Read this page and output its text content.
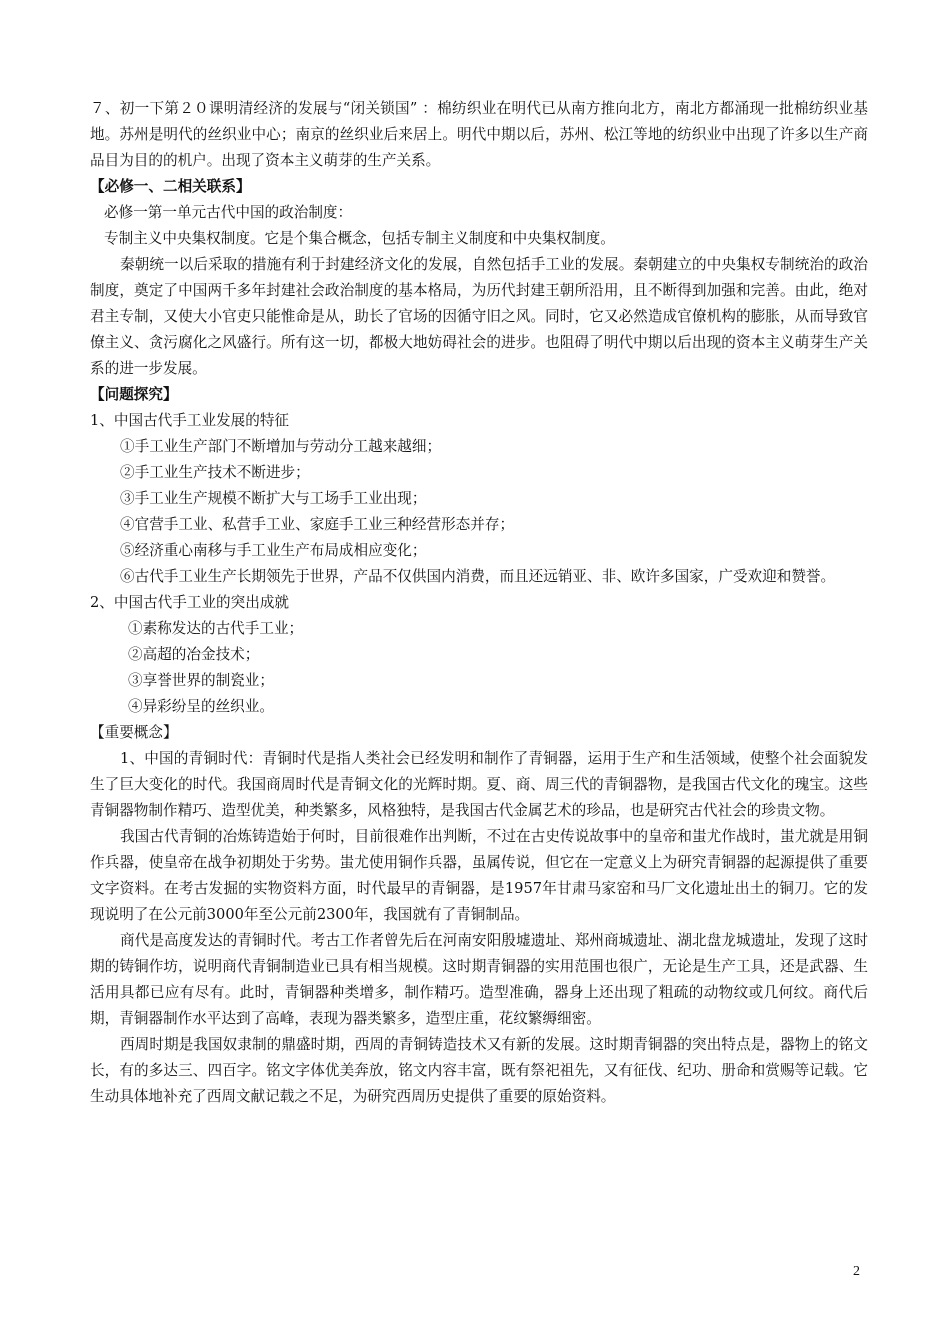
７、初一下第２０课明清经济的发展与“闭关锁国” ：棉纺织业在明代已从南方推向北方，南北方都涌现一批棉纺织业基地。苏州是明代的丝织业中心；南京的丝织业后来居上。明代中期以后，苏州、松江等地的纺织业中出现了许多以生产商品目为目的的机户。出现了资本主义萌芽的生产关系。

【必修一、二相关联系】

必修一第一单元古代中国的政治制度：

专制主义中央集权制度。它是个集合概念，包括专制主义制度和中央集权制度。

秦朝统一以后采取的措施有利于封建经济文化的发展，自然包括手工业的发展。秦朝建立的中央集权专制统治的政治制度，奠定了中国两千多年封建社会政治制度的基本格局，为历代封建王朝所沿用，且不断得到加强和完善。由此，绝对君主专制，又使大小官吏只能惟命是从，助长了官场的因循守旧之风。同时，它又必然造成官僚机构的膨胀，从而导致官僚主义、贪污腐化之风盛行。所有这一切，都极大地妨碍社会的进步。也阻碍了明代中期以后出现的资本主义萌芽生产关系的进一步发展。

【问题探究】

1、中国古代手工业发展的特征

①手工业生产部门不断增加与劳动分工越来越细；

②手工业生产技术不断进步；

③手工业生产规模不断扩大与工场手工业出现；

④官营手工业、私营手工业、家庭手工业三种经营形态并存；

⑤经济重心南移与手工业生产布局成相应变化；

⑥古代手工业生产长期领先于世界，产品不仅供国内消费，而且还远销亚、非、欧许多国家，广受欢迎和赞誉。

2、中国古代手工业的突出成就

①素称发达的古代手工业；

②高超的冶金技术；

③享誉世界的制瓷业；

④异彩纷呈的丝织业。

【重要概念】

1、中国的青铜时代：青铜时代是指人类社会已经发明和制作了青铜器，运用于生产和生活领域，使整个社会面貌发生了巨大变化的时代。我国商周时代是青铜文化的光辉时期。夏、商、周三代的青铜器物，是我国古代文化的瑰宝。这些青铜器物制作精巧、造型优美，种类繁多，风格独特，是我国古代金属艺术的珍品，也是研究古代社会的珍贵文物。

我国古代青铜的冶炼铸造始于何时，目前很难作出判断，不过在古史传说故事中的皇帝和蚩尤作战时，蚩尤就是用铜作兵器，使皇帝在战争初期处于劣势。蚩尤使用铜作兵器，虽属传说，但它在一定意义上为研究青铜器的起源提供了重要文字资料。在考古发掘的实物资料方面，时代最早的青铜器，是1957年甘肃马家窑和马厂文化遗址出土的铜刀。它的发现说明了在公元前3000年至公元前2300年，我国就有了青铜制品。

商代是高度发达的青铜时代。考古工作者曾先后在河南安阳殷墟遗址、郑州商城遗址、湖北盘龙城遗址，发现了这时期的铸铜作坊，说明商代青铜制造业已具有相当规模。这时期青铜器的实用范围也很广，无论是生产工具，还是武器、生活用具都已应有尽有。此时，青铜器种类增多，制作精巧。造型准确，器身上还出现了粗疏的动物纹或几何纹。商代后期，青铜器制作水平达到了高峰，表现为器类繁多，造型庄重，花纹繁缛细密。

西周时期是我国奴隶制的鼎盛时期，西周的青铜铸造技术又有新的发展。这时期青铜器的突出特点是，器物上的铭文长，有的多达三、四百字。铭文字体优美奔放，铭文内容丰富，既有祭祀祖先，又有征伐、纪功、册命和赏赐等记载。它生动具体地补充了西周文献记载之不足，为研究西周历史提供了重要的原始资料。

2
